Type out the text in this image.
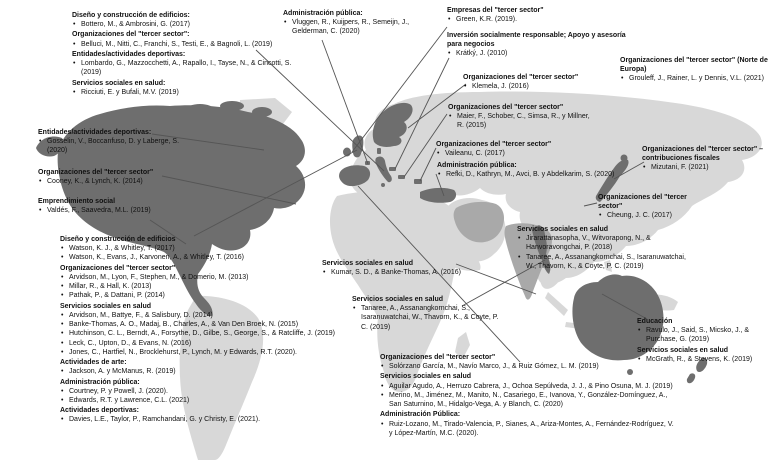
Diseño y construcción de edificios:
• Bottero, M., & Ambrosini, G. (2017)
Organizaciones del "tercer sector":
• Belluci, M., Nitti, C., Franchi, S., Testi, E., & Bagnoli, L. (2019)
Entidades/actividades deportivas:
• Lombardo, G., Mazzocchetti, A., Rapallo, I., Tayse, N., & Cincotti, S. (2019)
Servicios sociales en salud:
• Ricciuti, E. y Bufali, M.V. (2019)
Administración pública:
• Vluggen, R., Kuijpers, R., Semeijn, J., Gelderman, C. (2020)
Empresas del "tercer sector"
• Green, K.R. (2019).
Inversión socialmente responsable; Apoyo y asesoría para negocios
• Krátký, J. (2010)
Organizaciones del "tercer sector"
• Klemela, J. (2016)
Organizaciones del "tercer sector" (Norte de Europa)
• Grouleff, J., Rainer, L. y Dennis, V.L. (2021)
Organizaciones del "tercer sector"
• Maier, F., Schober, C., Simsa, R., y Millner, R. (2015)
Organizaciones del "tercer sector"
• Vaileanu, C. (2017)
Administración pública:
• Refki, D., Kathryn, M., Avci, B. y Abdelkarim, S. (2020)
Organizaciones del "tercer sector" – contribuciones fiscales
• Mizutani, F. (2021)
Organizaciones del "tercer sector"
• Cheung, J. C. (2017)
Servicios sociales en salud
• Jirarattanasopha, V., Witvorapong, N., & Hanvoravongchai, P. (2018)
• Tanaree, A., Assanangkornchai, S., Isaranuwatchai, W., Thavorn, K., & Coyte, P. C. (2019)
Educación
• Ravulo, J., Said, S., Micsko, J., & Purchase, G. (2019)
Servicios sociales en salud
• McGrath, R., & Stevens, K. (2019)
Entidades/actividades deportivas:
• Gosselin, V., Boccanfuso, D. y Laberge, S. (2020)
Organizaciones del "tercer sector"
• Cooney, K., & Lynch, K. (2014)
Emprendimiento social
• Valdés, F., Saavedra, M.L. (2019)
Diseño y construcción de edificios
• Watson, K. J., & Whitley, T. (2017)
• Watson, K., Evans, J., Karvonen, A., & Whitley, T. (2016)
Organizaciones del "tercer sector"
• Arvidson, M., Lyon, F., Stephen, M., & Domerio, M. (2013)
• Millar, R., & Hall, K. (2013)
• Pathak, P., & Dattani, P. (2014)
Servicios sociales en salud
• Arvidson, M., Battye, F., & Salisbury, D. (2014)
• Banke-Thomas, A. O., Madaj, B., Charles, A., & Van Den Broek, N. (2015)
• Hutchinson, C. L., Berndt, A., Forsythe, D., Gilbe, S., George, S., & Ratcliffe, J. (2019)
• Leck, C., Upton, D., & Evans, N. (2016)
• Jones, C., Hartfiel, N., Brocklehurst, P., Lynch, M. y Edwards, R.T. (2020).
Actividades de arte:
• Jackson, A. y McManus, R. (2019)
Administración pública:
• Courtney, P. y Powell, J. (2020).
• Edwards, R.T. y Lawrence, C.L. (2021)
Actividades deportivas:
• Davies, L.E., Taylor, P., Ramchandani, G. y Christy, E. (2021).
Servicios sociales en salud
• Kumar, S. D., & Banke-Thomas, A. (2016)
Servicios sociales en salud
• Tanaree, A., Assanangkornchai, S., Isaranuwatchai, W., Thavorn, K., & Coyte, P. C. (2019)
Organizaciones del "tercer sector"
• Solórzano García, M., Navío Marco, J., & Ruiz Gómez, L. M. (2019)
Servicios sociales en salud
• Aguilar Agudo, A., Herruzo Cabrera, J., Ochoa Sepúlveda, J. J., & Pino Osuna, M. J. (2019)
• Merino, M., Jiménez, M., Manito, N., Casariego, E., Ivanova, Y., González-Domínguez, A., San Saturnino, M., Hidalgo-Vega, A. y Blanch, C. (2020)
Administración Pública:
• Ruiz-Lozano, M., Tirado-Valencia, P., Sianes, A., Ariza-Montes, A., Fernández-Rodríguez, V. y López-Martín, M.C. (2020).
